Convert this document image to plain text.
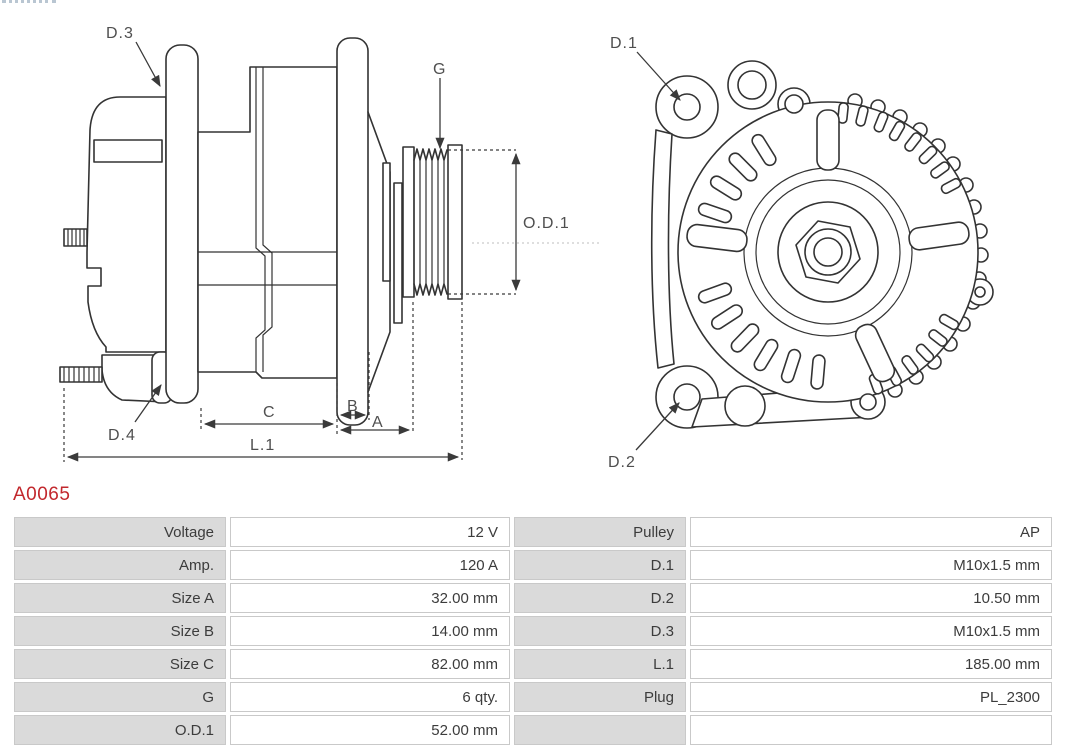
O.D.1
C	B
A
L.1
D.3
G
D.4
D.1
D.2
A0065
Voltage	12 V	Pulley	AP
Amp.	120 A	D.1	M10x1.5 mm
Size A	32.00 mm	D.2	10.50 mm
Size B	14.00 mm	D.3	M10x1.5 mm
Size C	82.00 mm	L.1	185.00 mm
G	6 qty.	Plug	PL_2300
O.D.1	52.00 mm		
